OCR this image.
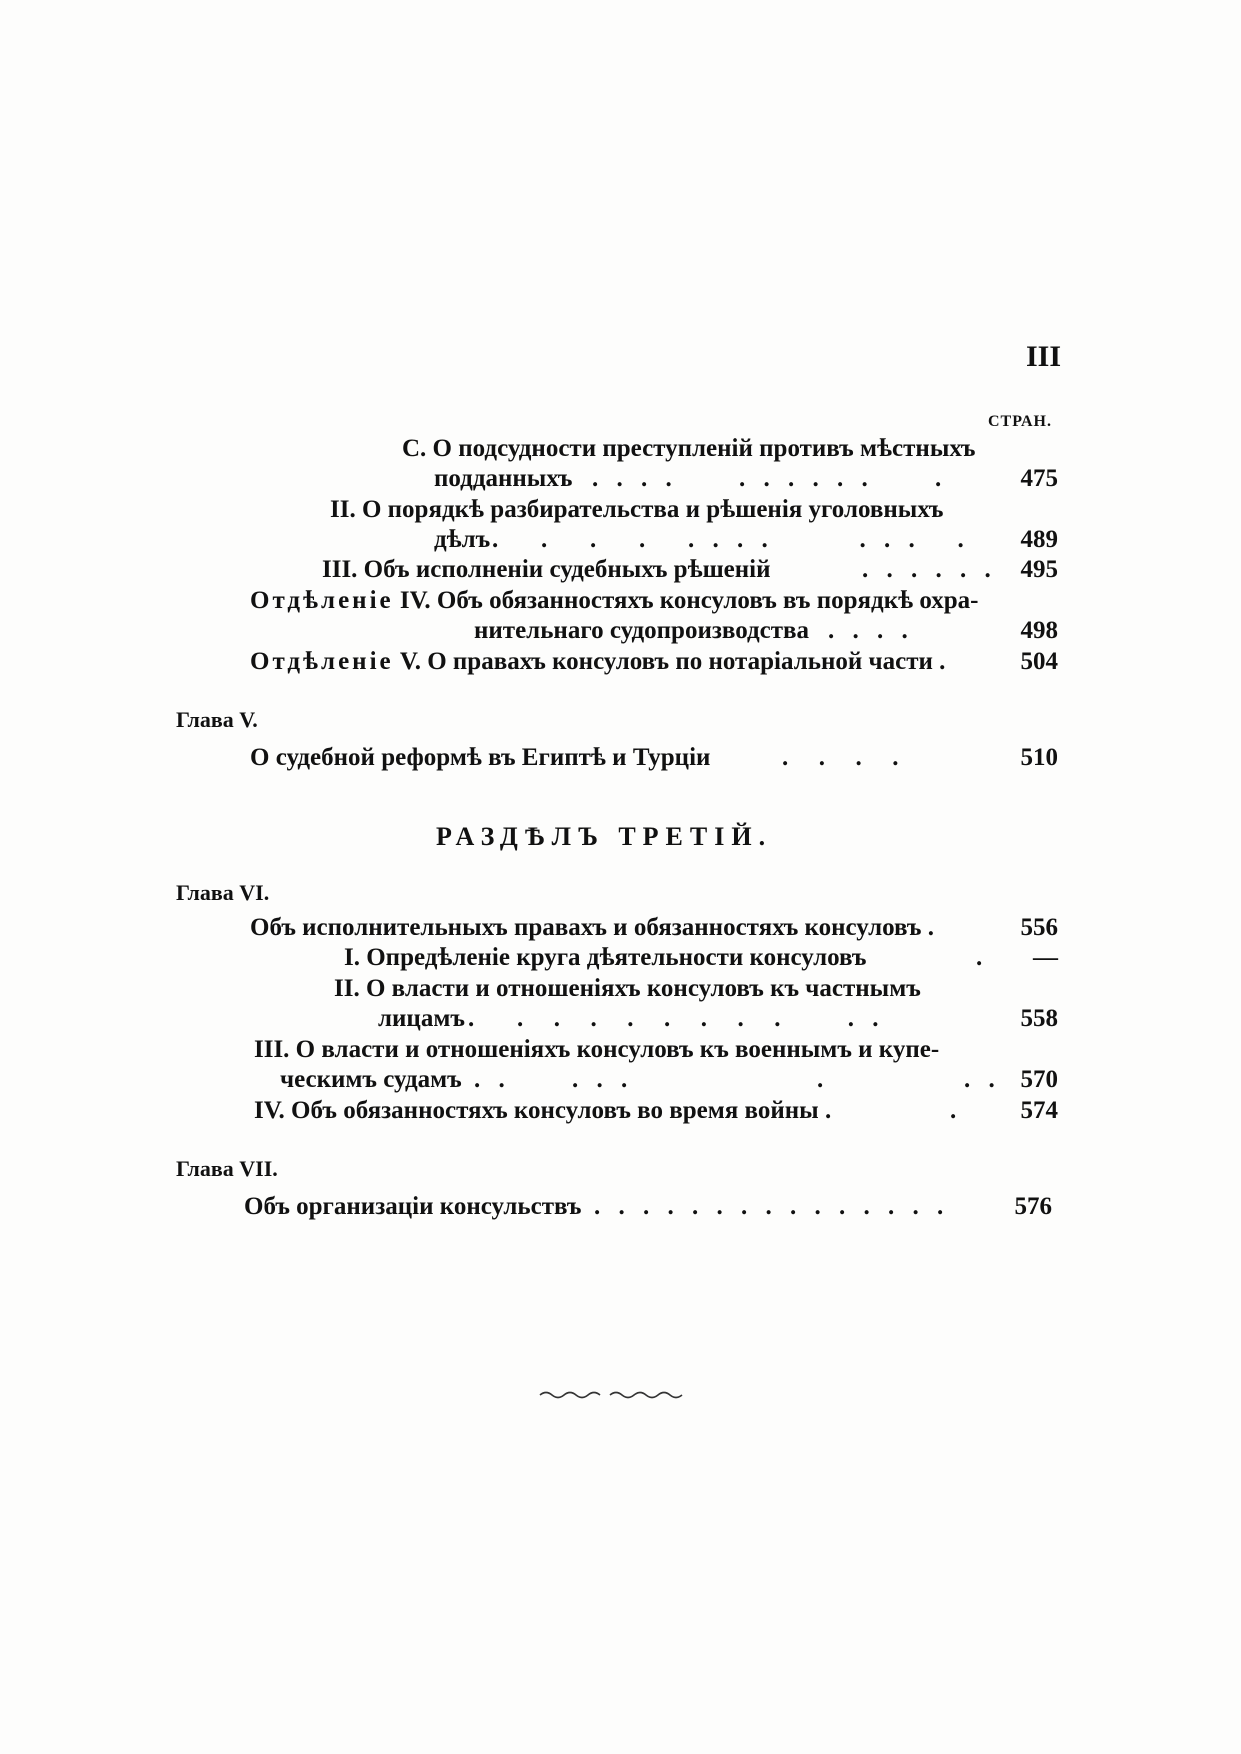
III
СТРАН.
C. О подсудности преступленій противъ мѣстныхъ
подданныхъ . . . .     . . . . . .     .	475
II. О порядкѣ разбирательства и рѣшенія уголовныхъ
дѣлъ .   .   .   .   . . . .       . . .   .	489
III. Объ исполненіи судебныхъ рѣшеній	. . . . . . 495
Отдѣленіе IV. Объ обязанностяхъ консуловъ въ порядкѣ охра-
нительнаго судопроизводства . . . .	498
Отдѣленіе V. О правахъ консуловъ по нотаріальной части .	504
Глава V.
О судебной реформѣ въ Египтѣ и Турціи	.  .  .  .	510
РАЗДѢЛЪ ТРЕТІЙ.
Глава VI.
Объ исполнительныхъ правахъ и обязанностяхъ консуловъ .	556
I. Опредѣленіе круга дѣятельности консуловъ	.	—
II. О власти и отношеніяхъ консуловъ къ частнымъ
лицамъ .   .  .  .  .  .  .  .  .     . .	558
III. О власти и отношеніяхъ консуловъ къ военнымъ и купе-
ческимъ судамъ . .     . . .               .           . . 570
IV. Объ обязанностяхъ консуловъ во время войны .	.	574
Глава VII.
Объ организаціи консульствъ . . . . . . . . . . . . . . .	576
